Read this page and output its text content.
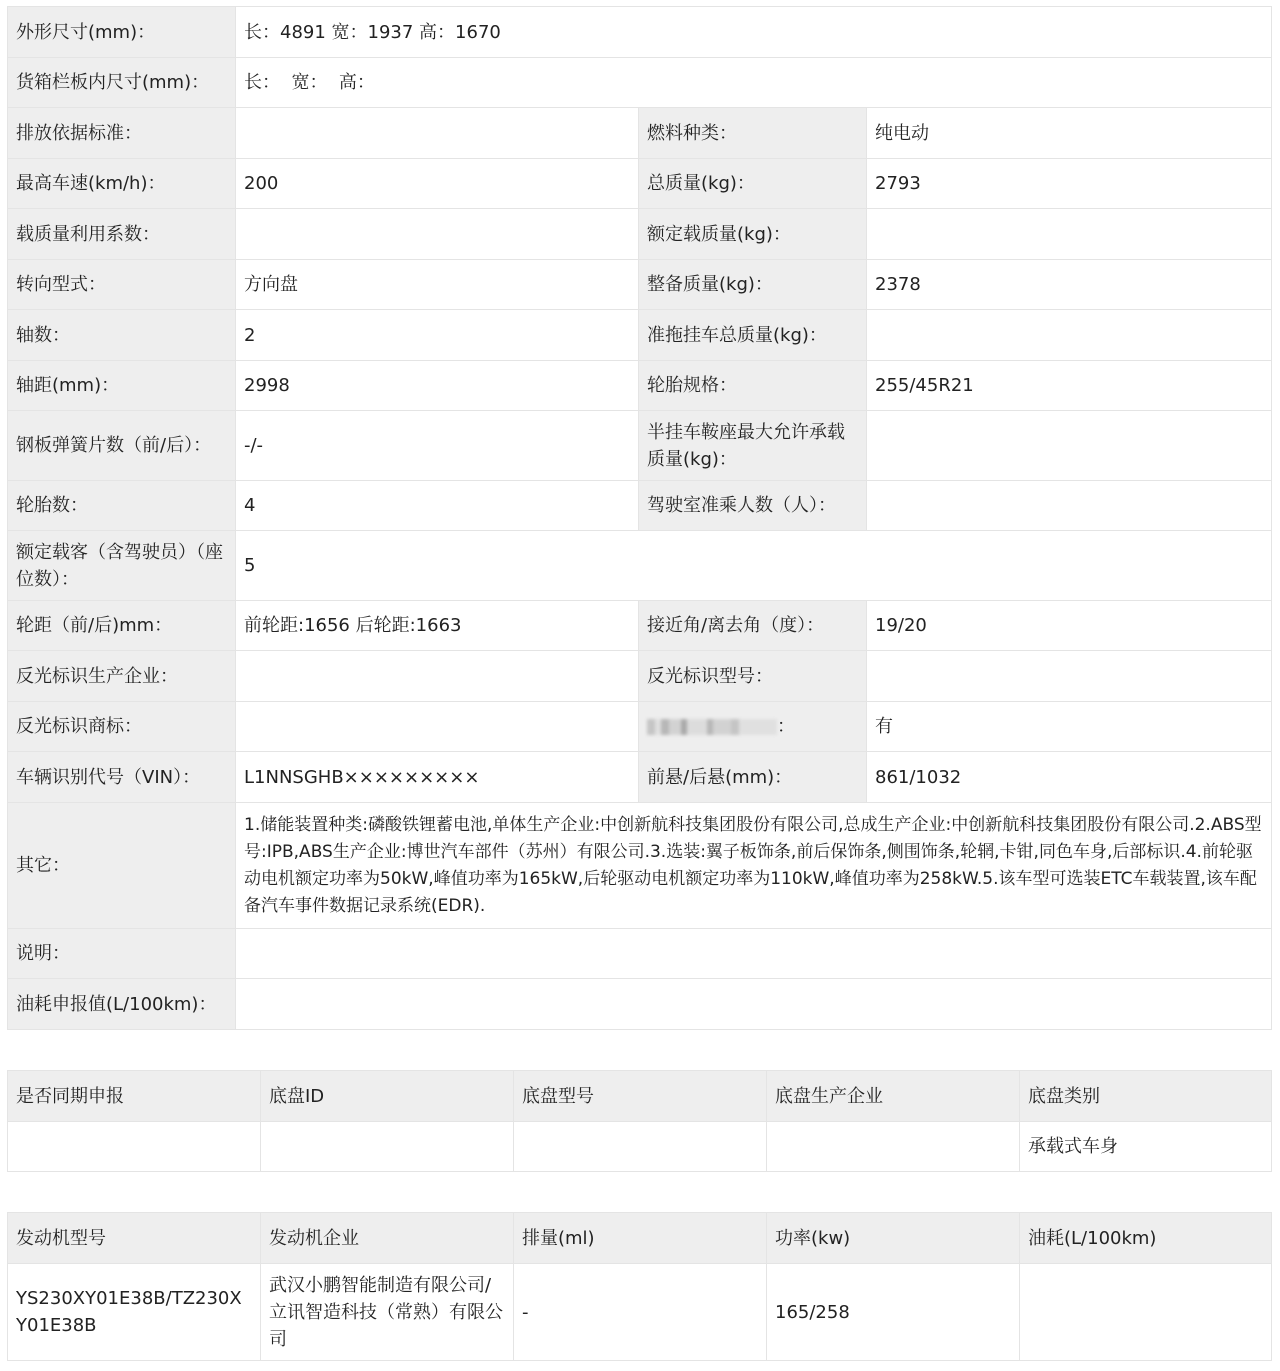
外形尺寸(mm)：	长：4891 宽：1937 高：1670		
货箱栏板内尺寸(mm)：	长：  宽：  高：		
排放依据标准：		燃料种类：	纯电动
最高车速(km/h)：	200	总质量(kg)：	2793
载质量利用系数：		额定载质量(kg)：	
转向型式：	方向盘	整备质量(kg)：	2378
轴数：	2	准拖挂车总质量(kg)：	
轴距(mm)：	2998	轮胎规格：	255/45R21
钢板弹簧片数（前/后）：	-/-	半挂车鞍座最大允许承载质量(kg)：	
轮胎数：	4	驾驶室准乘人数（人）：	
额定载客（含驾驶员）（座位数）：	5		
轮距（前/后)mm：	前轮距:1656 后轮距:1663	接近角/离去角（度）：	19/20
反光标识生产企业：		反光标识型号：	
反光标识商标：		：	有
车辆识别代号（VIN）：	L1NNSGHB×××××××××	前悬/后悬(mm)：	861/1032
其它：	1.储能装置种类:磷酸铁锂蓄电池,单体生产企业:中创新航科技集团股份有限公司,总成生产企业:中创新航科技集团股份有限公司.2.ABS型号:IPB,ABS生产企业:博世汽车部件（苏州）有限公司.3.选装:翼子板饰条,前后保饰条,侧围饰条,轮辋,卡钳,同色车身,后部标识.4.前轮驱动电机额定功率为50kW,峰值功率为165kW,后轮驱动电机额定功率为110kW,峰值功率为258kW.5.该车型可选装ETC车载装置,该车配备汽车事件数据记录系统(EDR).		
说明：			
油耗申报值(L/100km)：			
是否同期申报	底盘ID	底盘型号	底盘生产企业	底盘类别
				承载式车身
发动机型号	发动机企业	排量(ml)	功率(kw)	油耗(L/100km)
YS230XY01E38B/TZ230XY01E38B	武汉小鹏智能制造有限公司/立讯智造科技（常熟）有限公司	-	165/258	
